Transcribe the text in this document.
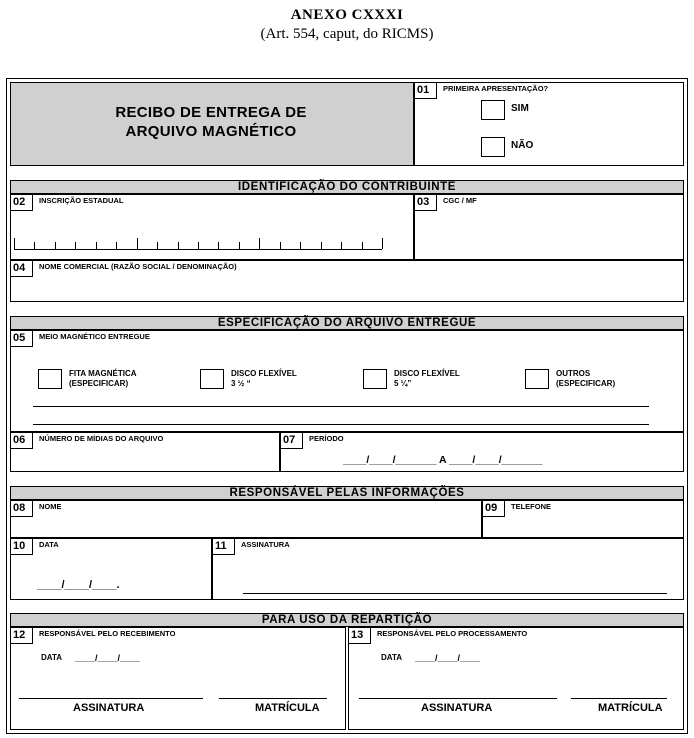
ANEXO CXXXI
(Art. 554, caput, do RICMS)
RECIBO DE ENTREGA DE
ARQUIVO MAGNÉTICO
01	PRIMEIRA APRESENTAÇÃO?
SIM
NÃO
IDENTIFICAÇÃO DO CONTRIBUINTE
02	INSCRIÇÃO ESTADUAL	03	CGC / MF
04	NOME COMERCIAL (RAZÃO SOCIAL / DENOMINAÇÃO)
ESPECIFICAÇÃO DO ARQUIVO ENTREGUE
05	MEIO MAGNÉTICO ENTREGUE
FITA MAGNÉTICA
(ESPECIFICAR)
DISCO FLEXÍVEL
3 ½ “
DISCO FLEXÍVEL
5 ¼”
OUTROS
(ESPECIFICAR)
06	NÚMERO DE MÍDIAS DO ARQUIVO	07	PERÍODO
____/____/_______ A ____/____/_______
RESPONSÁVEL PELAS INFORMAÇÕES
08	NOME	09	TELEFONE
10	DATA
____/____/____.
11	ASSINATURA
PARA USO DA REPARTIÇÃO
12	RESPONSÁVEL PELO RECEBIMENTO
DATA ____/____/____
ASSINATURA	MATRÍCULA
13	RESPONSÁVEL PELO PROCESSAMENTO
DATA ____/____/____
ASSINATURA	MATRÍCULA
